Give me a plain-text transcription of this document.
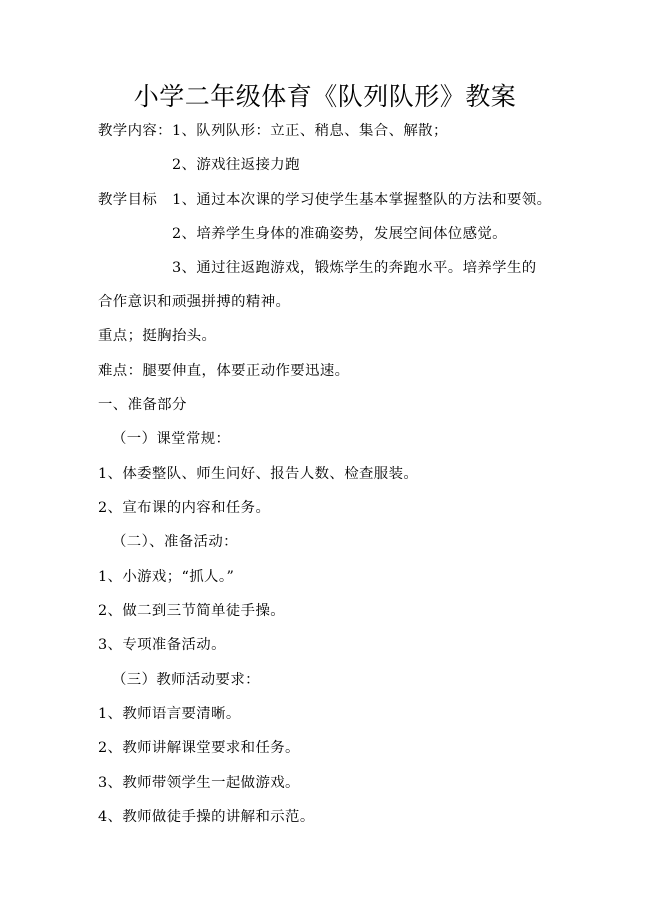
小学二年级体育《队列队形》教案
教学内容：1、队列队形：立正、稍息、集合、解散；
2、游戏往返接力跑
教学目标   1、通过本次课的学习使学生基本掌握整队的方法和要领。
2、培养学生身体的准确姿势，发展空间体位感觉。
3、通过往返跑游戏，锻炼学生的奔跑水平。培养学生的
合作意识和顽强拼搏的精神。
重点；挺胸抬头。
难点：腿要伸直，体要正动作要迅速。
一、准备部分
（一）课堂常规：
1、体委整队、师生问好、报告人数、检查服装。
2、宣布课的内容和任务。
（二）、准备活动：
1、小游戏；“抓人。”
2、做二到三节简单徒手操。
3、专项准备活动。
（三）教师活动要求：
1、教师语言要清晰。
2、教师讲解课堂要求和任务。
3、教师带领学生一起做游戏。
4、教师做徒手操的讲解和示范。
